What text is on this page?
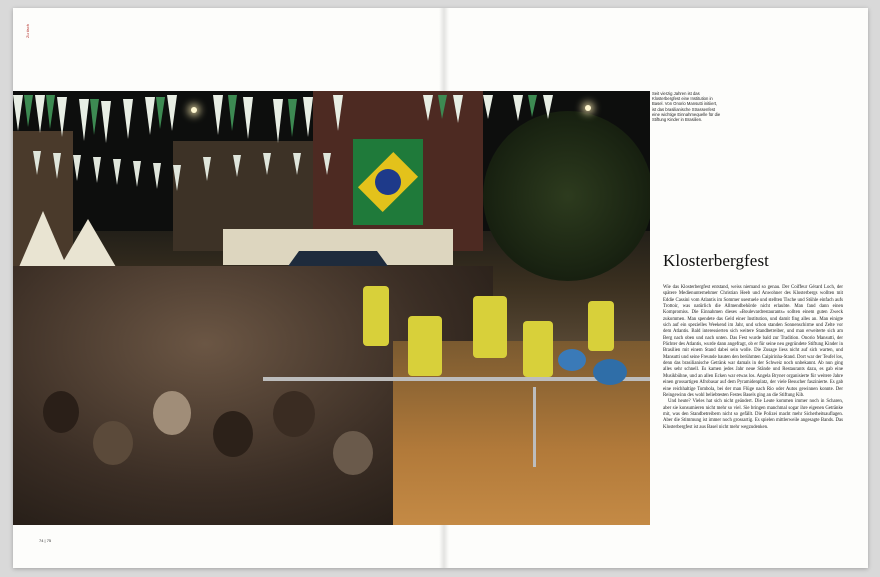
Zu tisch
Seit vierzig Jahren ist das Klosterbergfest eine Institution in Basel. Von Onorio Mansutti initiiert, ist das brasilianische Strassenfest eine wichtige Einnahmequelle für die Stiftung Kinder in Brasilien.
Klosterbergfest

Wie das Klosterbergfest entstand, weiss niemand so genau. Der Coiffeur Gérard Loch, der spätere Medienunternehmer Christian Heeb und Anwohner des Klosterbergs wollten mit Eddie Cassini vom Atlantis im Sommer usestuele und stellten Tische und Stühle einfach aufs Trottoir, was natürlich die Allmendbehörde nicht erlaubte. Man fand dann einen Kompromiss. Die Einnahmen dieses «Boulevardrestaurants» sollten einem guten Zweck zukommen. Man spendete das Geld einer Institution, und damit fing alles an. Man einigte sich auf ein spezielles Weekend im Jahr, und schon standen Sonnenschirme und Zelte vor dem Atlantis. Bald interessierten sich weitere Standbetreiber, und man erweiterte sich am Berg nach oben und nach unten. Das Fest wurde bald zur Tradition. Onorio Mansutti, der Pächter des Atlantis, wurde dann angefragt, ob er für seine neu gegründete Stiftung Kinder in Brasilien mit einem Stand dabei sein wolle. Die Zusage liess nicht auf sich warten, und Mansutti und seine Freunde bauten den berühmten Caipirinha-Stand. Dort war der Teufel los, denn das brasilianische Getränk war damals in der Schweiz noch unbekannt. Ab nun ging alles sehr schnell. Es kamen jedes Jahr neue Stände und Restaurants dazu, es gab eine Musikbühne, und an allen Ecken war etwas los. Angela Bryner organisierte für weitere Jahre einen grossartigen Afrobasar auf dem Pyramidenplatz, der viele Besucher faszinierte. Es gab eine reichhaltige Tombola, bei der man Flüge nach Rio oder Autos gewinnen konnte. Der Reingewinn des wohl beliebtesten Festes Basels ging an die Stiftung Kib.

Und heute? Vieles hat sich nicht geändert. Die Leute kommen immer noch in Scharen, aber sie konsumieren nicht mehr so viel. Sie bringen manchmal sogar ihre eigenen Getränke mit, was den Standbetreibern nicht so gefällt. Die Polizei macht mehr Sicherheitsauflagen. Aber die Stimmung ist immer noch grossartig. Es spielen mittlerweile angesagte Bands. Das Klosterbergfest ist aus Basel nicht mehr wegzudenken.

74 | 75
